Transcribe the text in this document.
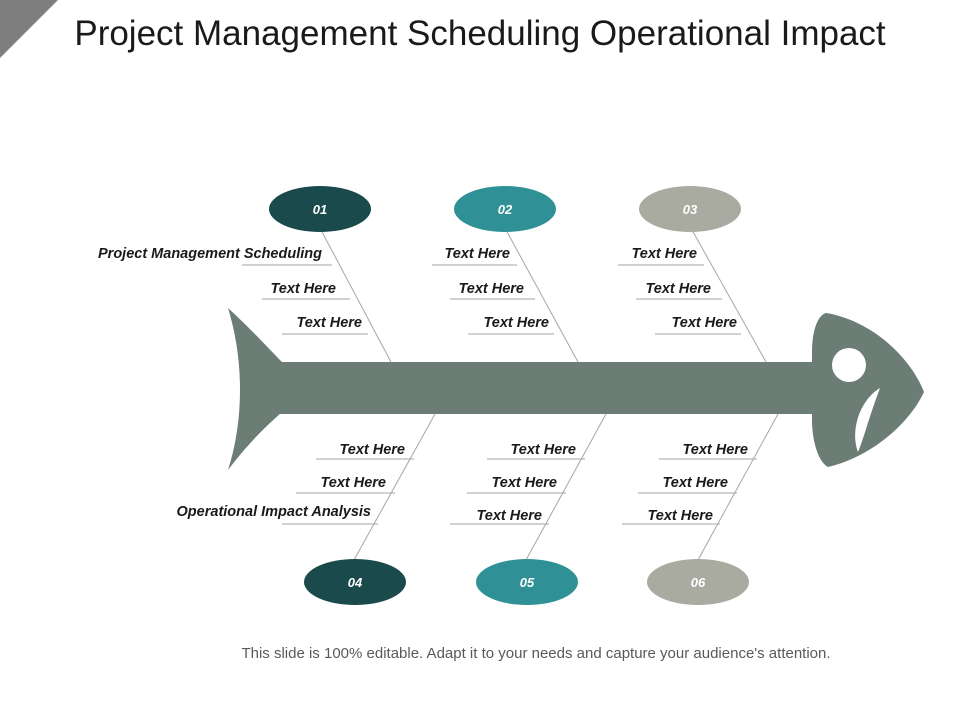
Project Management Scheduling Operational Impact
Project Management Scheduling
Text Here
Text Here
Text Here
Text Here
Text Here
Text Here
Text Here
Text Here
Text Here
Text Here
Operational Impact Analysis
Text Here
Text Here
Text Here
Text Here
Text Here
Text Here
01	02	03
04	05	06
This slide is 100% editable. Adapt it to your needs and capture your audience's attention.
